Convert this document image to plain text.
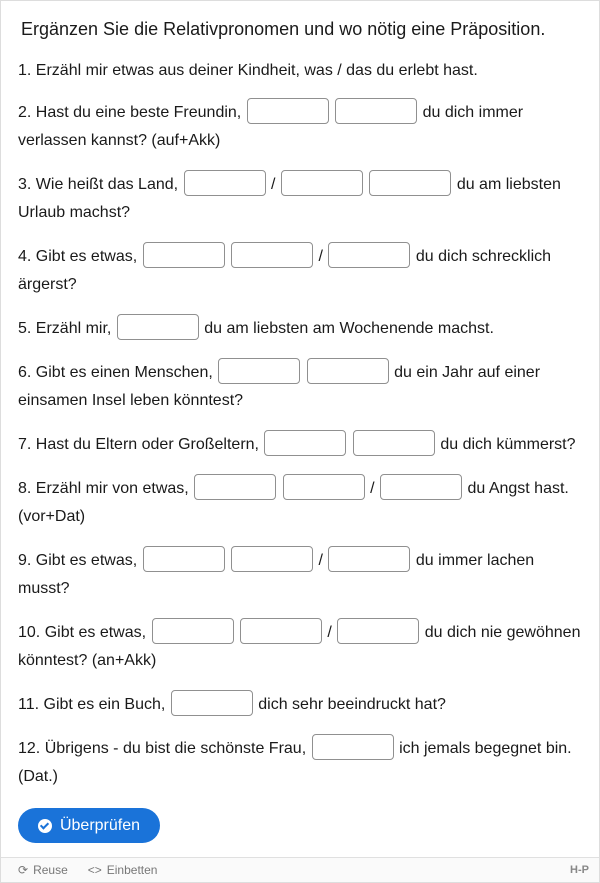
Ergänzen Sie die Relativpronomen und wo nötig eine Präposition.
1. Erzähl mir etwas aus deiner Kindheit, was / das du erlebt hast.
2. Hast du eine beste Freundin,	du dich immer verlassen kannst? (auf+Akk)
3. Wie heißt das Land,	/	du am liebsten Urlaub machst?
4. Gibt es etwas,	/	du dich schrecklich ärgerst?
5. Erzähl mir,	du am liebsten am Wochenende machst.
6. Gibt es einen Menschen,	du ein Jahr auf einer einsamen Insel leben könntest?
7. Hast du Eltern oder Großeltern,	du dich kümmerst?
8. Erzähl mir von etwas,	/	du Angst hast. (vor+Dat)
9. Gibt es etwas,	/	du immer lachen musst?
10. Gibt es etwas,	/	du dich nie gewöhnen könntest? (an+Akk)
11. Gibt es ein Buch,	dich sehr beeindruckt hat?
12. Übrigens - du bist die schönste Frau,	ich jemals begegnet bin. (Dat.)
Überprüfen
⟳ Reuse <> Einbetten	H-P
